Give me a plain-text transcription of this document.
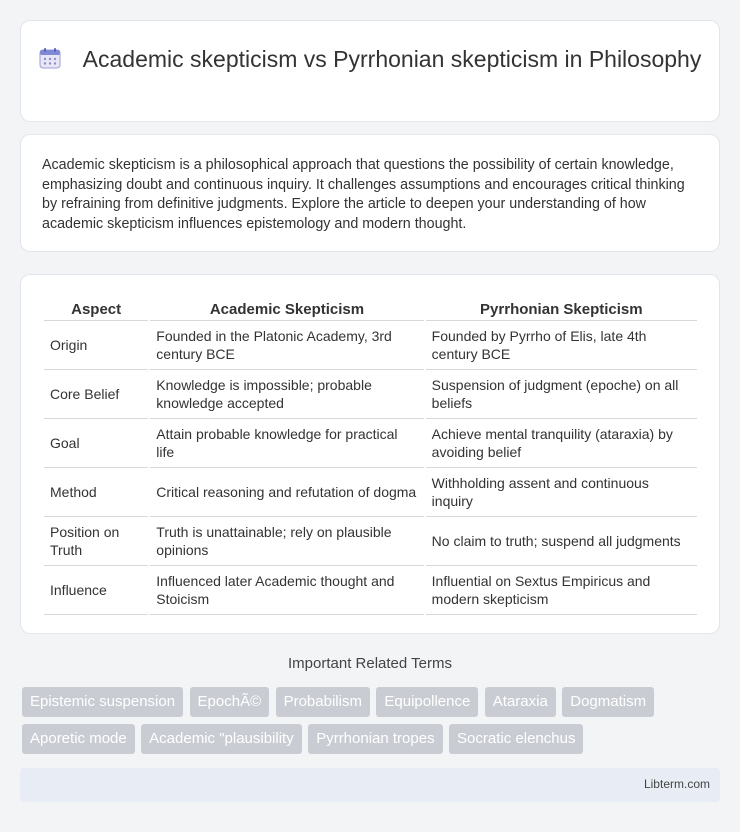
Academic skepticism vs Pyrrhonian skepticism in Philosophy

Academic skepticism is a philosophical approach that questions the possibility of certain knowledge, emphasizing doubt and continuous inquiry. It challenges assumptions and encourages critical thinking by refraining from definitive judgments. Explore the article to deepen your understanding of how academic skepticism influences epistemology and modern thought.

Aspect	Academic Skepticism	Pyrrhonian Skepticism
Origin	Founded in the Platonic Academy, 3rd century BCE	Founded by Pyrrho of Elis, late 4th century BCE
Core Belief	Knowledge is impossible; probable knowledge accepted	Suspension of judgment (epoche) on all beliefs
Goal	Attain probable knowledge for practical life	Achieve mental tranquility (ataraxia) by avoiding belief
Method	Critical reasoning and refutation of dogma	Withholding assent and continuous inquiry
Position on Truth	Truth is unattainable; rely on plausible opinions	No claim to truth; suspend all judgments
Influence	Influenced later Academic thought and Stoicism	Influential on Sextus Empiricus and modern skepticism
Important Related Terms
Epistemic suspension EpochÃ© Probabilism Equipollence Ataraxia Dogmatism Aporetic mode Academic "plausibility Pyrrhonian tropes Socratic elenchus
Libterm.com
